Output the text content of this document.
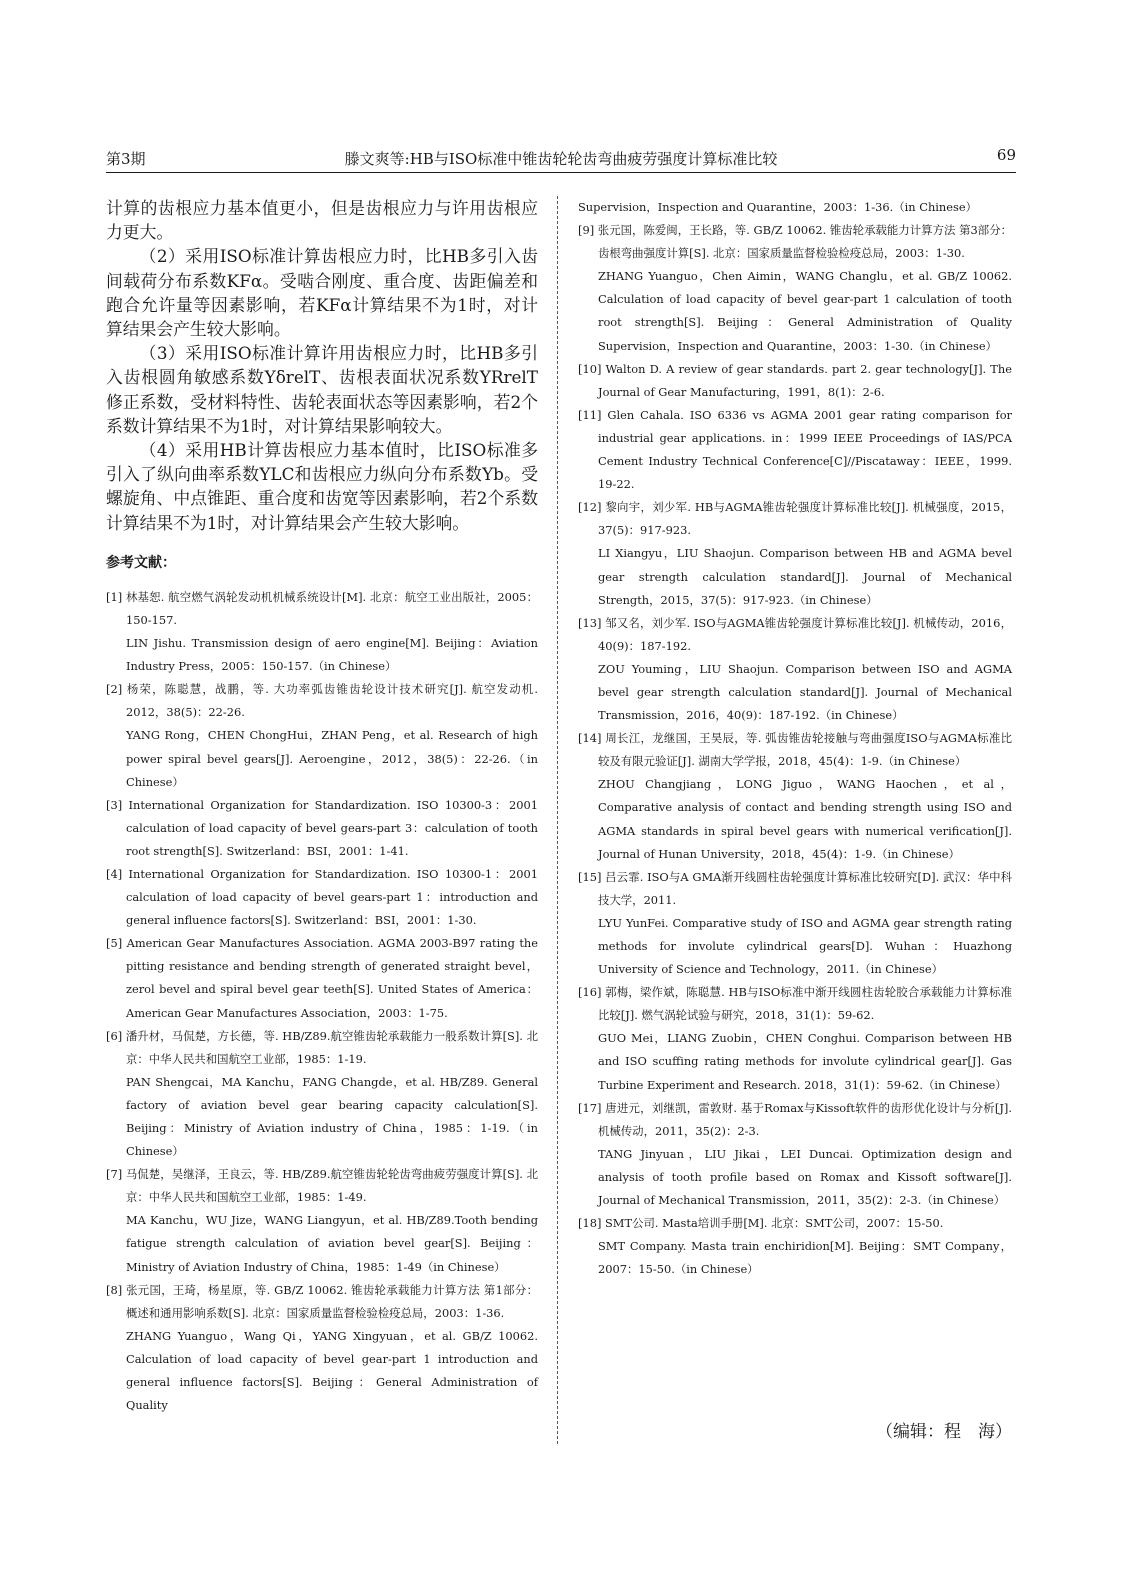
第3期	滕文爽等:HB与ISO标准中锥齿轮轮齿弯曲疲劳强度计算标准比较	69

计算的齿根应力基本值更小，但是齿根应力与许用齿根应力更大。

（2）采用ISO标准计算齿根应力时，比HB多引入齿间载荷分布系数KFα。受啮合刚度、重合度、齿距偏差和跑合允许量等因素影响，若KFα计算结果不为1时，对计算结果会产生较大影响。

（3）采用ISO标准计算许用齿根应力时，比HB多引入齿根圆角敏感系数YδrelT、齿根表面状况系数YRrelT修正系数，受材料特性、齿轮表面状态等因素影响，若2个系数计算结果不为1时，对计算结果影响较大。

（4）采用HB计算齿根应力基本值时，比ISO标准多引入了纵向曲率系数YLC和齿根应力纵向分布系数Yb。受螺旋角、中点锥距、重合度和齿宽等因素影响，若2个系数计算结果不为1时，对计算结果会产生较大影响。

参考文献：

[1] 林基恕. 航空燃气涡轮发动机机械系统设计[M]. 北京：航空工业出版社，2005：150-157.
LIN Jishu. Transmission design of aero engine[M]. Beijing：Aviation Industry Press，2005：150-157.（in Chinese）

[2] 杨荣，陈聪慧，战鹏，等. 大功率弧齿锥齿轮设计技术研究[J]. 航空发动机. 2012，38(5)：22-26.
YANG Rong，CHEN ChongHui，ZHAN Peng，et al. Research of high power spiral bevel gears[J]. Aeroengine，2012，38(5)：22-26.（in Chinese）

[3] International Organization for Standardization. ISO 10300-3：2001 calculation of load capacity of bevel gears-part 3：calculation of tooth root strength[S]. Switzerland：BSI，2001：1-41.

[4] International Organization for Standardization. ISO 10300-1：2001 calculation of load capacity of bevel gears-part 1：introduction and general influence factors[S]. Switzerland：BSI，2001：1-30.

[5] American Gear Manufactures Association. AGMA 2003-B97 rating the pitting resistance and bending strength of generated straight bevel，zerol bevel and spiral bevel gear teeth[S]. United States of America：American Gear Manufactures Association，2003：1-75.

[6] 潘升材，马侃楚，方长德，等. HB/Z89.航空锥齿轮承载能力一般系数计算[S]. 北京：中华人民共和国航空工业部，1985：1-19.
PAN Shengcai，MA Kanchu，FANG Changde，et al. HB/Z89. General factory of aviation bevel gear bearing capacity calculation[S]. Beijing：Ministry of Aviation industry of China，1985：1-19.（in Chinese）

[7] 马侃楚，吴继泽，王良云，等. HB/Z89.航空锥齿轮轮齿弯曲疲劳强度计算[S]. 北京：中华人民共和国航空工业部，1985：1-49.
MA Kanchu，WU Jize，WANG Liangyun，et al. HB/Z89.Tooth bending fatigue strength calculation of aviation bevel gear[S]. Beijing：Ministry of Aviation Industry of China，1985：1-49（in Chinese）

[8] 张元国，王琦，杨星原，等. GB/Z 10062. 锥齿轮承载能力计算方法 第1部分：概述和通用影响系数[S]. 北京：国家质量监督检验检疫总局，2003：1-36.
ZHANG Yuanguo，Wang Qi，YANG Xingyuan，et al. GB/Z 10062. Calculation of load capacity of bevel gear-part 1 introduction and general influence factors[S]. Beijing：General Administration of Quality

Supervision，Inspection and Quarantine，2003：1-36.（in Chinese）

[9] 张元国，陈爱闽，王长路，等. GB/Z 10062. 锥齿轮承载能力计算方法 第3部分：齿根弯曲强度计算[S]. 北京：国家质量监督检验检疫总局，2003：1-30.
ZHANG Yuanguo，Chen Aimin，WANG Changlu，et al. GB/Z 10062. Calculation of load capacity of bevel gear-part 1 calculation of tooth root strength[S]. Beijing：General Administration of Quality Supervision，Inspection and Quarantine，2003：1-30.（in Chinese）

[10] Walton D. A review of gear standards. part 2. gear technology[J]. The Journal of Gear Manufacturing，1991，8(1)：2-6.

[11] Glen Cahala. ISO 6336 vs AGMA 2001 gear rating comparison for industrial gear applications. in：1999 IEEE Proceedings of IAS/PCA Cement Industry Technical Conference[C]//Piscataway：IEEE，1999. 19-22.

[12] 黎向宇，刘少军. HB与AGMA锥齿轮强度计算标准比较[J]. 机械强度，2015，37(5)：917-923.
LI Xiangyu，LIU Shaojun. Comparison between HB and AGMA bevel gear strength calculation standard[J]. Journal of Mechanical Strength，2015，37(5)：917-923.（in Chinese）

[13] 邹又名，刘少军. ISO与AGMA锥齿轮强度计算标准比较[J]. 机械传动，2016，40(9)：187-192.
ZOU Youming，LIU Shaojun. Comparison between ISO and AGMA bevel gear strength calculation standard[J]. Journal of Mechanical Transmission，2016，40(9)：187-192.（in Chinese）

[14] 周长江，龙继国，王昊辰，等. 弧齿锥齿轮接触与弯曲强度ISO与AGMA标准比较及有限元验证[J]. 湖南大学学报，2018，45(4)：1-9.（in Chinese）
ZHOU Changjiang，LONG Jiguo，WANG Haochen，et al，Comparative analysis of contact and bending strength using ISO and AGMA standards in spiral bevel gears with numerical verification[J]. Journal of Hunan University，2018，45(4)：1-9.（in Chinese）

[15] 吕云霏. ISO与A GMA渐开线圆柱齿轮强度计算标准比较研究[D]. 武汉：华中科技大学，2011.
LYU YunFei. Comparative study of ISO and AGMA gear strength rating methods for involute cylindrical gears[D]. Wuhan：Huazhong University of Science and Technology，2011.（in Chinese）

[16] 郭梅，梁作斌，陈聪慧. HB与ISO标准中渐开线圆柱齿轮胶合承载能力计算标准比较[J]. 燃气涡轮试验与研究，2018，31(1)：59-62.
GUO Mei，LIANG Zuobin，CHEN Conghui. Comparison between HB and ISO scuffing rating methods for involute cylindrical gear[J]. Gas Turbine Experiment and Research. 2018，31(1)：59-62.（in Chinese）

[17] 唐进元，刘继凯，雷敦财. 基于Romax与Kissoft软件的齿形优化设计与分析[J]. 机械传动，2011，35(2)：2-3.
TANG Jinyuan，LIU Jikai，LEI Duncai. Optimization design and analysis of tooth profile based on Romax and Kissoft software[J]. Journal of Mechanical Transmission，2011，35(2)：2-3.（in Chinese）

[18] SMT公司. Masta培训手册[M]. 北京：SMT公司，2007：15-50.
SMT Company. Masta train enchiridion[M]. Beijing：SMT Company，2007：15-50.（in Chinese）

（编辑：程　海）
